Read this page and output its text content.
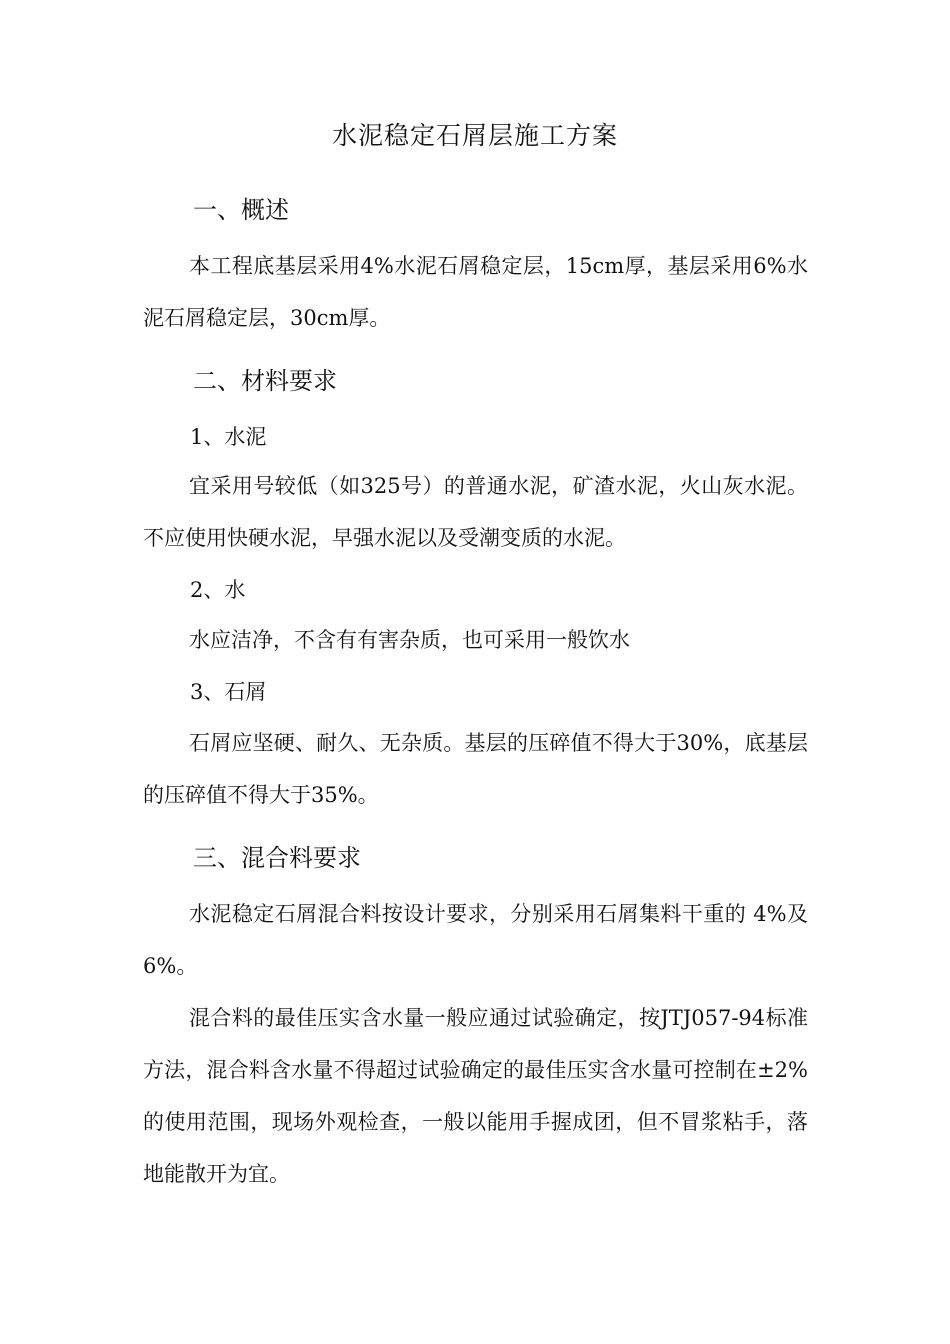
水泥稳定石屑层施工方案
一、概述
本工程底基层采用4%水泥石屑稳定层，15cm厚，基层采用6%水泥石屑稳定层，30cm厚。
二、材料要求
1、水泥
宜采用号较低（如325号）的普通水泥，矿渣水泥，火山灰水泥。不应使用快硬水泥，早强水泥以及受潮变质的水泥。
2、水
水应洁净，不含有有害杂质，也可采用一般饮水
3、石屑
石屑应坚硬、耐久、无杂质。基层的压碎值不得大于30%，底基层的压碎值不得大于35%。
三、混合料要求
水泥稳定石屑混合料按设计要求，分别采用石屑集料干重的 4%及6%。
混合料的最佳压实含水量一般应通过试验确定，按JTJ057-94标准方法，混合料含水量不得超过试验确定的最佳压实含水量可控制在±2%的使用范围，现场外观检查，一般以能用手握成团，但不冒浆粘手，落地能散开为宜。
